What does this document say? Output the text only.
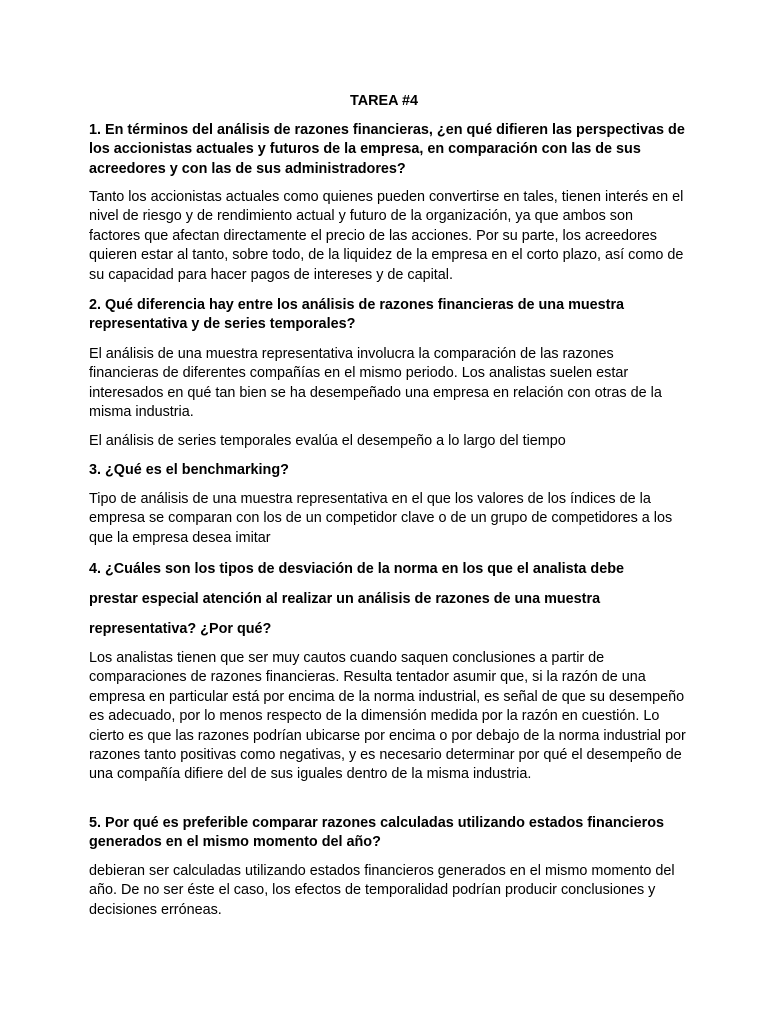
TAREA #4

1. En términos del análisis de razones financieras, ¿en qué difieren las perspectivas de los accionistas actuales y futuros de la empresa, en comparación con las de sus acreedores y con las de sus administradores?

Tanto los accionistas actuales como quienes pueden convertirse en tales, tienen interés en el nivel de riesgo y de rendimiento actual y futuro de la organización, ya que ambos son factores que afectan directamente el precio de las acciones. Por su parte, los acreedores quieren estar al tanto, sobre todo, de la liquidez de la empresa en el corto plazo, así como de su capacidad para hacer pagos de intereses y de capital.

2. Qué diferencia hay entre los análisis de razones financieras de una muestra representativa y de series temporales?

El análisis de una muestra representativa involucra la comparación de las razones financieras de diferentes compañías en el mismo periodo. Los analistas suelen estar interesados en qué tan bien se ha desempeñado una empresa en relación con otras de la misma industria.

El análisis de series temporales evalúa el desempeño a lo largo del tiempo

3. ¿Qué es el benchmarking?

Tipo de análisis de una muestra representativa en el que los valores de los índices de la empresa se comparan con los de un competidor clave o de un grupo de competidores a los que la empresa desea imitar

4. ¿Cuáles son los tipos de desviación de la norma en los que el analista debe

prestar especial atención al realizar un análisis de razones de una muestra

representativa? ¿Por qué?

Los analistas tienen que ser muy cautos cuando saquen conclusiones a partir de comparaciones de razones financieras. Resulta tentador asumir que, si la razón de una empresa en particular está por encima de la norma industrial, es señal de que su desempeño es adecuado, por lo menos respecto de la dimensión medida por la razón en cuestión. Lo cierto es que las razones podrían ubicarse por encima o por debajo de la norma industrial por razones tanto positivas como negativas, y es necesario determinar por qué el desempeño de una compañía difiere del de sus iguales dentro de la misma industria.

5. Por qué es preferible comparar razones calculadas utilizando estados financieros generados en el mismo momento del año?

debieran ser calculadas utilizando estados financieros generados en el mismo momento del año. De no ser éste el caso, los efectos de temporalidad podrían producir conclusiones y decisiones erróneas.
